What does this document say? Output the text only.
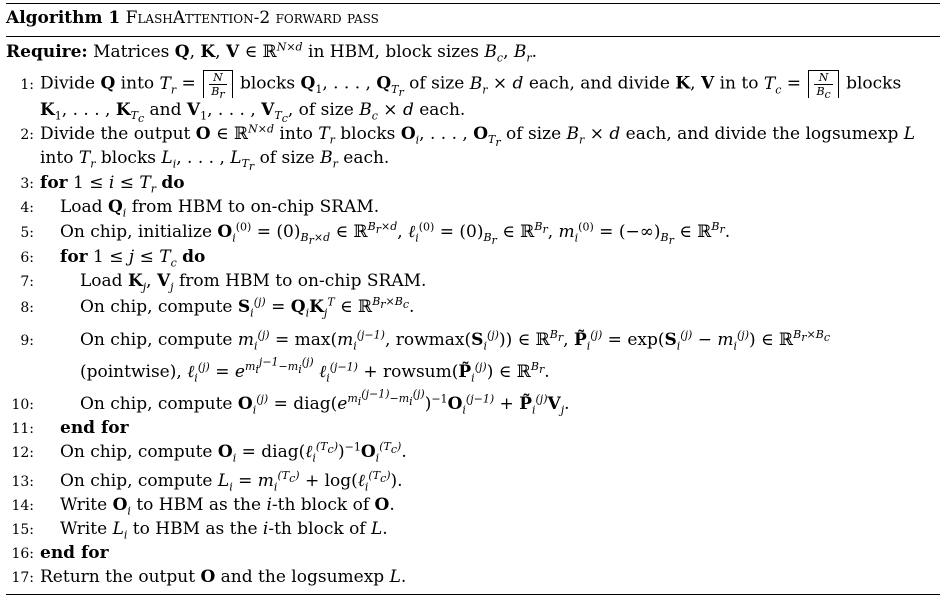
Algorithm 1 FlashAttention-2 forward pass
Require: Matrices Q, K, V ∈ ℝ$^{N\times d}$ in HBM, block sizes $B_c$, $B_r$.
1: Divide Q into $T_r = \frac{N}{B_r}$ blocks $Q_1$, . . . , $Q_{T_r}$ of size $B_r \times d$ each, and divide K, V in to $T_c = \frac{N}{B_c}$ blocks
$K_1$, . . . , $K_{T_c}$ and $V_1$, . . . , $V_{T_c}$, of size $B_c \times d$ each.
2: Divide the output O ∈ ℝ$^{N\times d}$ into $T_r$ blocks $O_i$, . . . , $O_{T_r}$ of size $B_r \times d$ each, and divide the logsumexp L
into $T_r$ blocks $L_i$, . . . , $L_{T_r}$ of size $B_r$ each.
3: for $1 \le i \le T_r$ do
4: Load $Q_i$ from HBM to on-chip SRAM.
5: On chip, initialize $O_i^{(0)} = (0)_{B_r\times d}$ ∈ ℝ$^{B_r\times d}$, ℓ$_i^{(0)}$ = $(0)_{B_r}$ ∈ ℝ$^{B_r}$, $m_i^{(0)} = (-\infty)_{B_r}$ ∈ ℝ$^{B_r}$.
6: for $1 \le j \le T_c$ do
7:	Load $K_j$, $V_j$ from HBM to on-chip SRAM.
8:	On chip, compute $S_i^{(j)} = Q_iK_j^T$ ∈ ℝ$^{B_r\times B_c}$.
9:	On chip, compute $m_i^{(j)} = \max(m_i^{(j-1)}$, $rowmax(S_i^{(j)})$) ∈ ℝ$^{B_r}$, $P̃_i^{(j)} = \exp(S_i^{(j)} - m_i^{(j)})$ ∈ ℝ$^{B_r\times B_c}$
(pointwise), ℓ$_i^{(j)}$ = $e^{m_i^{j-1}-m_i^{(j)}}$ ℓ$_i^{(j-1)}$ + $rowsum(P̃_i^{(j)})$ ∈ ℝ$^{B_r}$.
10:	On chip, compute $O_i^{(j)}$ = $diag(e^{m_i^{(j-1)}-m_i^{(j)}})^{-1}O_i^{(j-1)}$ + $P̃_i^{(j)}V_j$.
11: end for
12: On chip, compute $O_i$ = $diag(\ell_i^{(T_c)})^{-1}O_i^{(T_c)}$.
13: On chip, compute $L_i = m_i^{(T_c)}$ + log(ℓ$_i^{(T_c)}$).
14: Write $O_i$ to HBM as the i-th block of O.
15: Write $L_i$ to HBM as the i-th block of L.
16: end for
17: Return the output O and the logsumexp L.
